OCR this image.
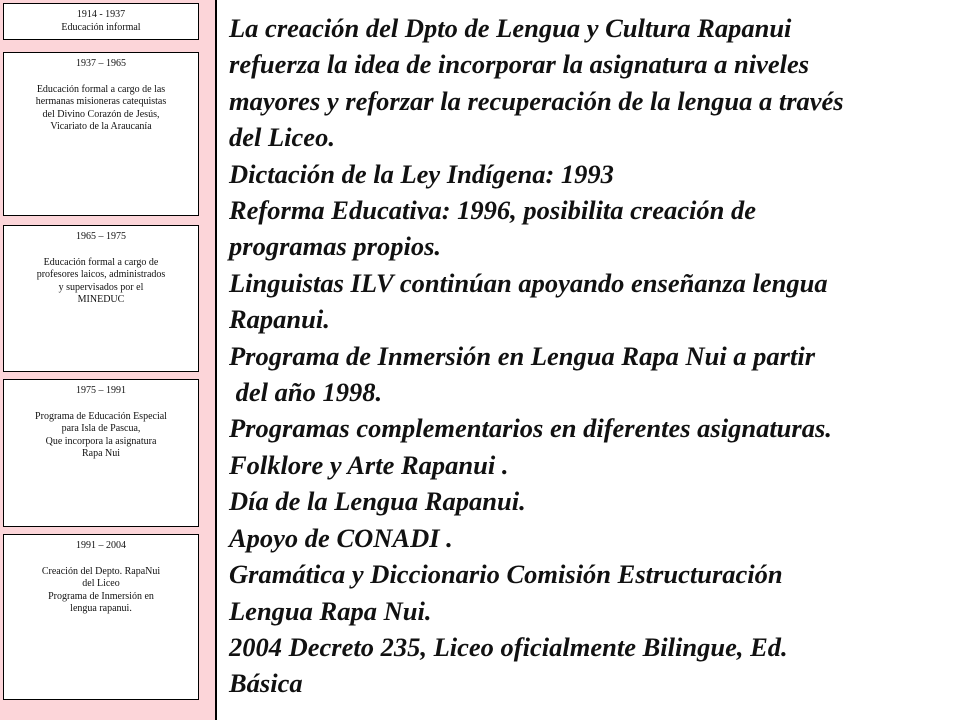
1914 - 1937
Educación informal
1937 – 1965
Educación formal a cargo de las
hermanas misioneras catequistas
del Divino Corazón de Jesús,
Vicariato de la Araucanía
1965 – 1975
Educación formal a cargo de
profesores laicos, administrados
y supervisados por el
MINEDUC
1975 – 1991
Programa de Educación Especial
para Isla de Pascua,
Que incorpora la asignatura
Rapa Nui
1991 – 2004
Creación del Depto. RapaNui
del Liceo
Programa de Inmersión en
lengua rapanui.
La creación del Dpto de Lengua y Cultura Rapanui
refuerza la idea de incorporar la asignatura a niveles
mayores y reforzar la recuperación de la lengua a través
del Liceo.
Dictación de la Ley Indígena: 1993
Reforma Educativa: 1996, posibilita creación de
programas propios.
Linguistas ILV continúan apoyando enseñanza lengua
Rapanui.
Programa de Inmersión en Lengua Rapa Nui a partir
del año 1998.
Programas complementarios en diferentes asignaturas.
Folklore y Arte Rapanui .
Día de la Lengua Rapanui.
Apoyo de CONADI .
Gramática y Diccionario Comisión Estructuración
Lengua Rapa Nui.
2004 Decreto 235, Liceo oficialmente Bilingue, Ed.
Básica
